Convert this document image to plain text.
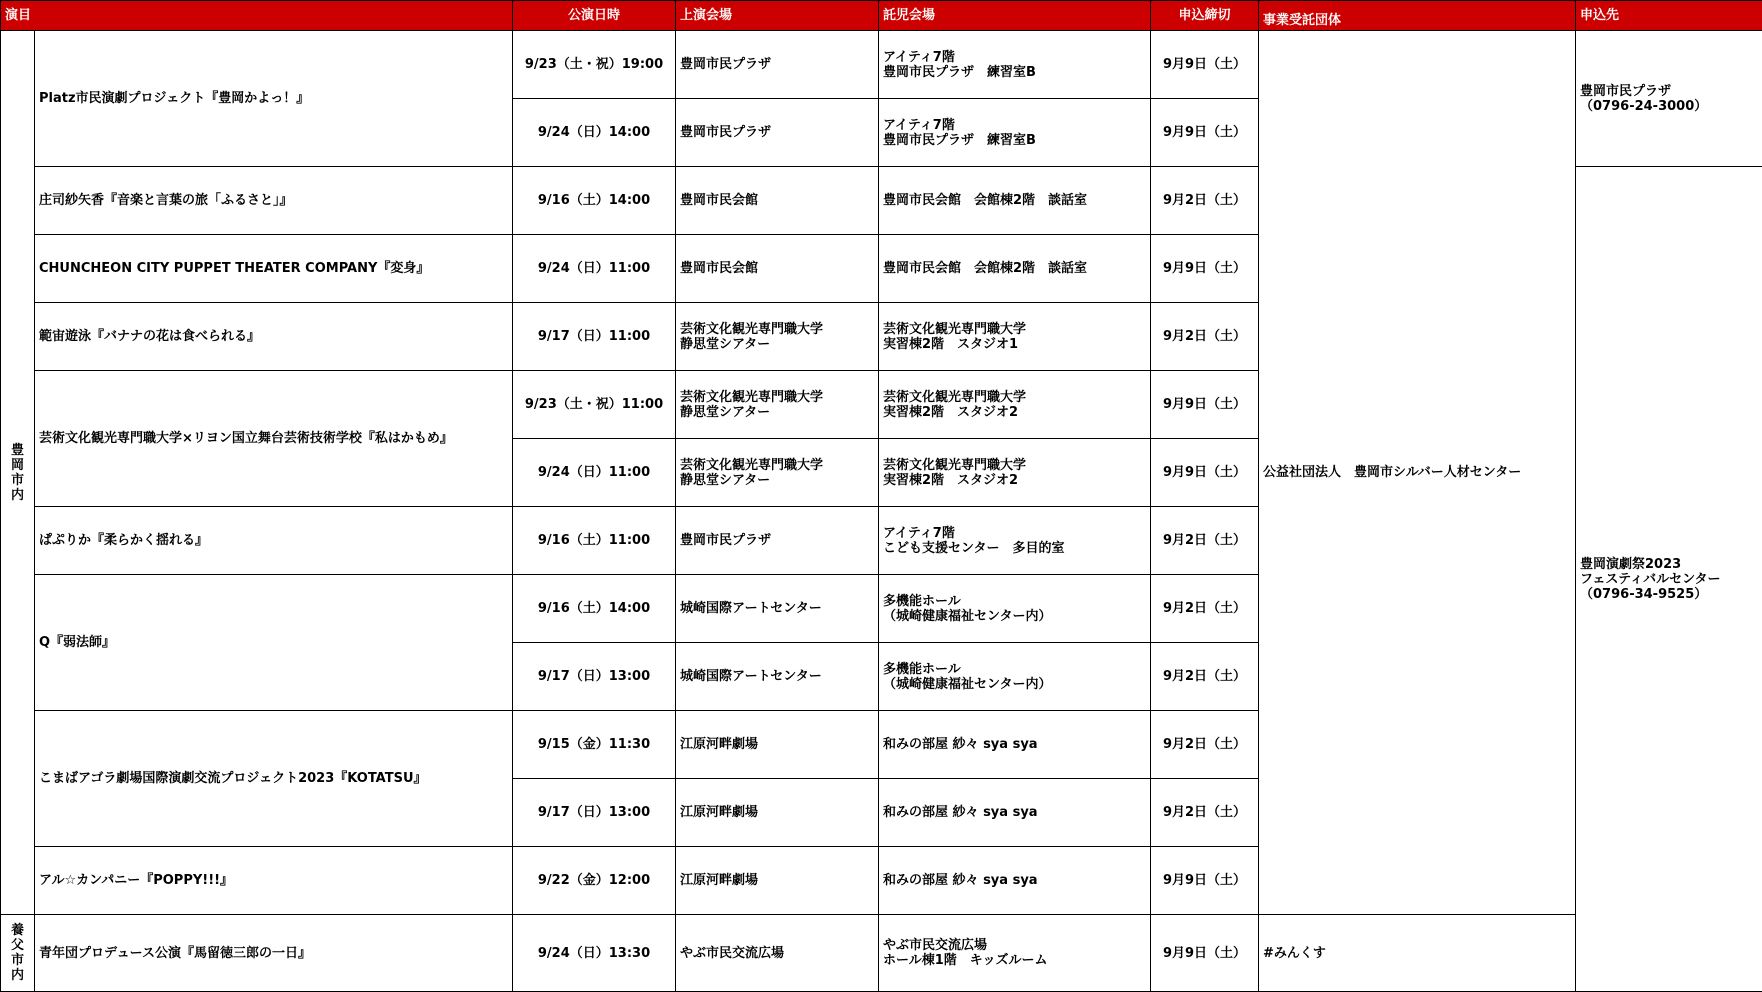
演目		公演日時	上演会場	託児会場	申込締切	事業受託団体	申込先
豊岡市内	Platz市民演劇プロジェクト『豊岡かよっ！』	9/23（土・祝）19:00	豊岡市民プラザ	アイティ7階
豊岡市民プラザ　練習室B	9月9日（土）	公益社団法人　豊岡市シルバー人材センター	豊岡市民プラザ
（0796-24-3000）
		9/24（日）14:00	豊岡市民プラザ	アイティ7階
豊岡市民プラザ　練習室B	9月9日（土）		
	庄司紗矢香『音楽と言葉の旅「ふるさと」』	9/16（土）14:00	豊岡市民会館	豊岡市民会館　会館棟2階　談話室	9月2日（土）		豊岡演劇祭2023
フェスティバルセンター
（0796-34-9525）
	CHUNCHEON CITY PUPPET THEATER COMPANY『変身』	9/24（日）11:00	豊岡市民会館	豊岡市民会館　会館棟2階　談話室	9月9日（土）		
	範宙遊泳『バナナの花は食べられる』	9/17（日）11:00	芸術文化観光専門職大学
静思堂シアター	芸術文化観光専門職大学
実習棟2階　スタジオ1	9月2日（土）		
	芸術文化観光専門職大学×リヨン国立舞台芸術技術学校『私はかもめ』	9/23（土・祝）11:00	芸術文化観光専門職大学
静思堂シアター	芸術文化観光専門職大学
実習棟2階　スタジオ2	9月9日（土）		
		9/24（日）11:00	芸術文化観光専門職大学
静思堂シアター	芸術文化観光専門職大学
実習棟2階　スタジオ2	9月9日（土）		
	ぱぷりか『柔らかく揺れる』	9/16（土）11:00	豊岡市民プラザ	アイティ7階
こども支援センター　多目的室	9月2日（土）		
	Q『弱法師』	9/16（土）14:00	城崎国際アートセンター	多機能ホール
（城崎健康福祉センター内）	9月2日（土）		
		9/17（日）13:00	城崎国際アートセンター	多機能ホール
（城崎健康福祉センター内）	9月2日（土）		
	こまばアゴラ劇場国際演劇交流プロジェクト2023『KOTATSU』	9/15（金）11:30	江原河畔劇場	和みの部屋 紗々 sya sya	9月2日（土）		
		9/17（日）13:00	江原河畔劇場	和みの部屋 紗々 sya sya	9月2日（土）		
	アル☆カンパニー『POPPY!!!』	9/22（金）12:00	江原河畔劇場	和みの部屋 紗々 sya sya	9月9日（土）		
養父市内	青年団プロデュース公演『馬留徳三郎の一日』	9/24（日）13:30	やぶ市民交流広場	やぶ市民交流広場
ホール棟1階　キッズルーム	9月9日（土）	#みんくす	
